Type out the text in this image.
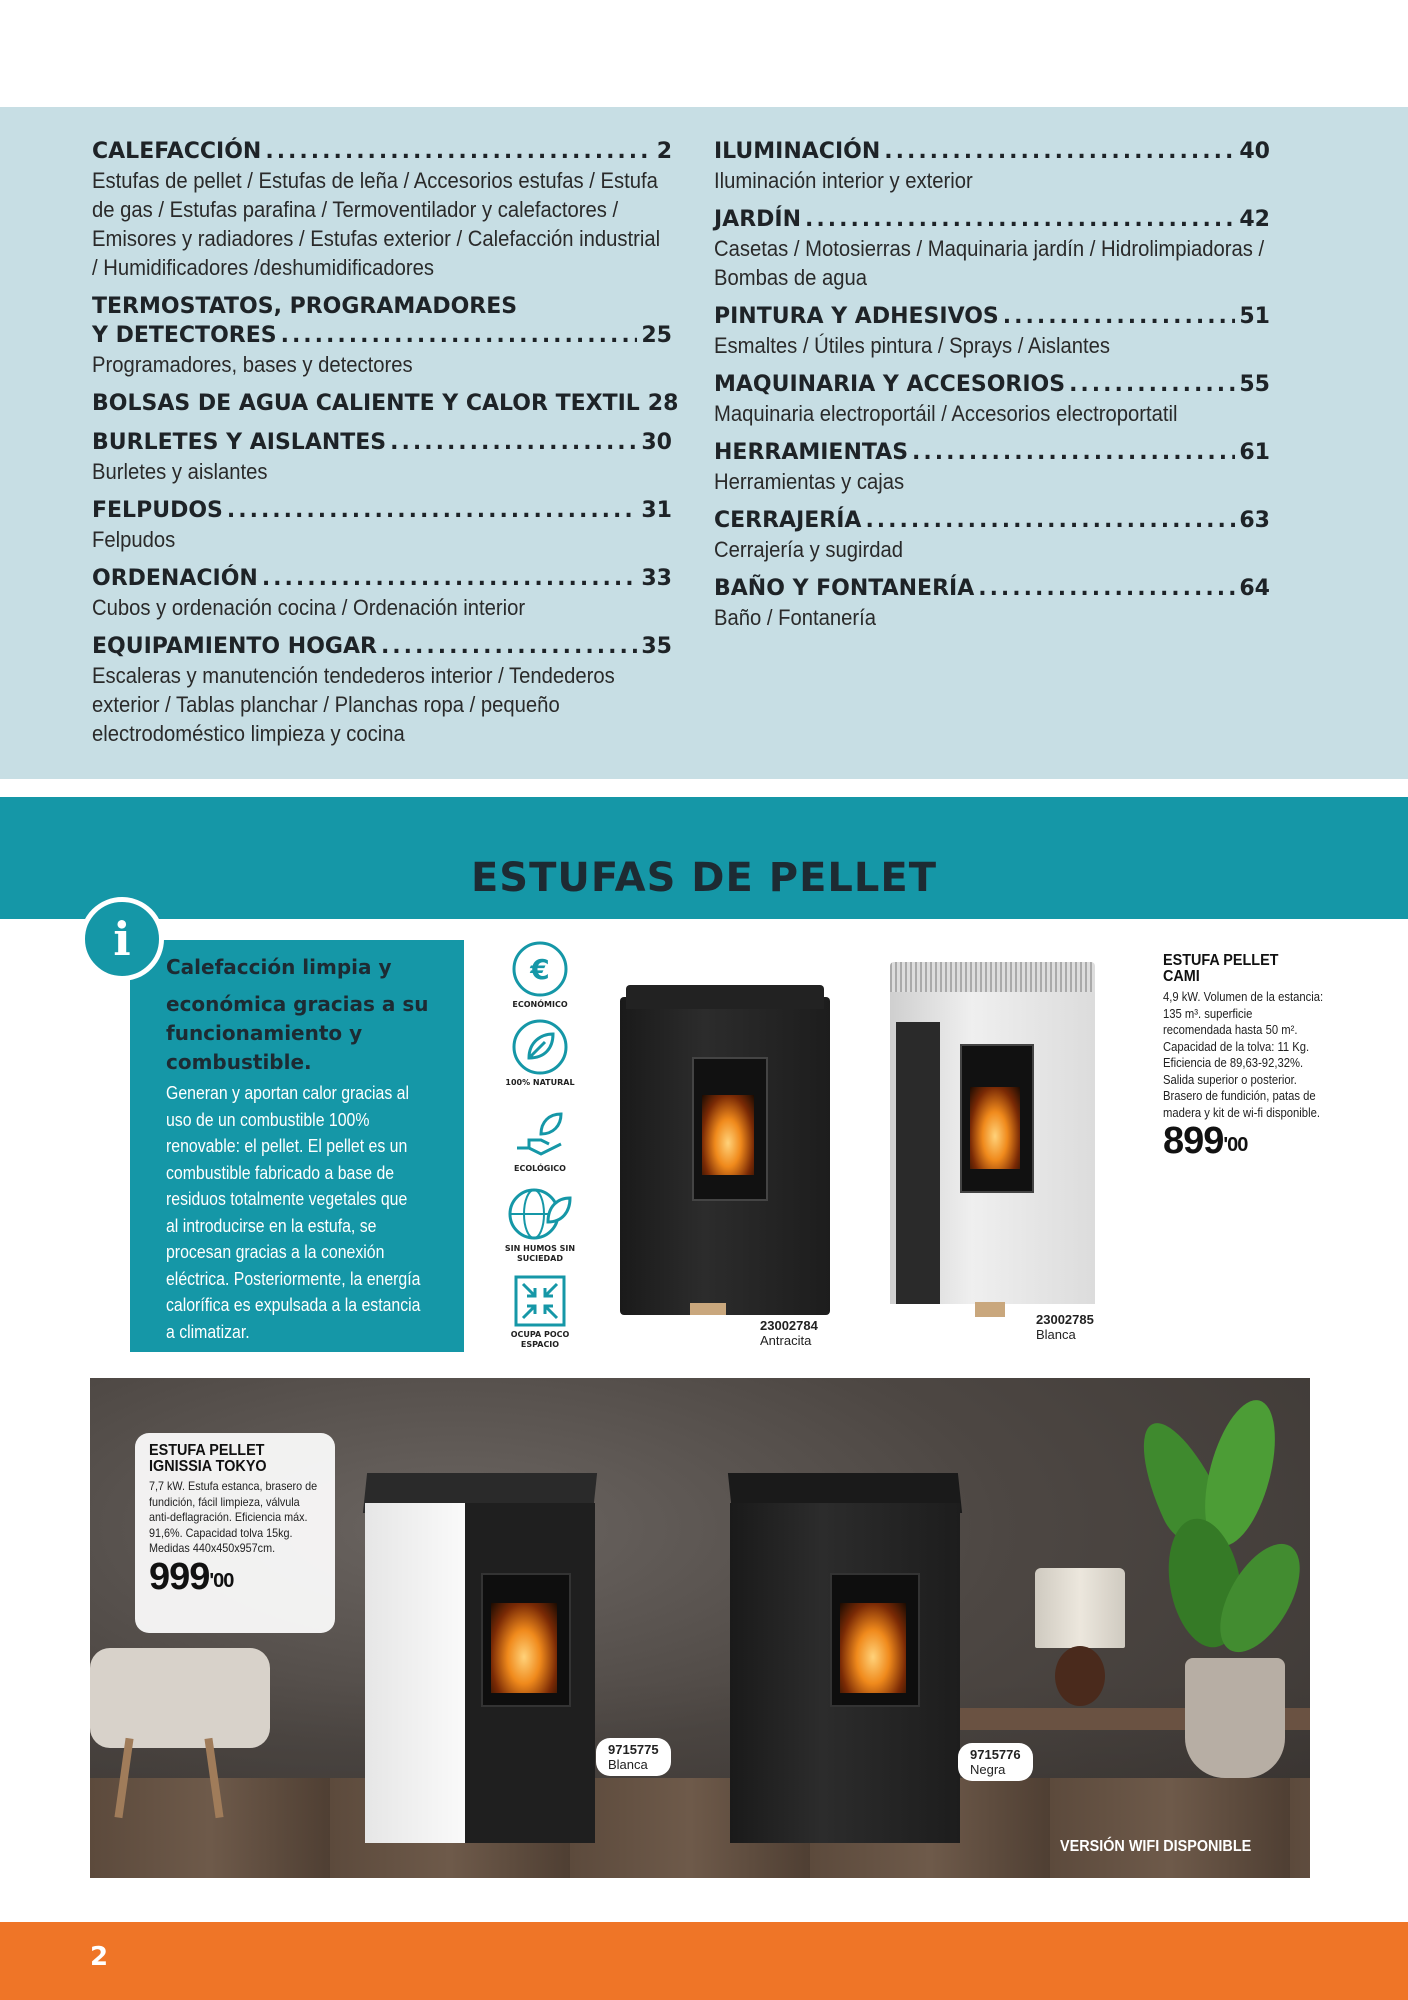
CALEFACCIÓN .....	2
Estufas de pellet / Estufas de leña / Accesorios estufas / Estufa de gas / Estufas parafina / Termoventilador y calefactores / Emisores y radiadores / Estufas exterior / Calefacción industrial / Humidificadores /deshumidificadores
TERMOSTATOS, PROGRAMADORES
Y DETECTORES .....	25
Programadores, bases y detectores
BOLSAS DE AGUA CALIENTE Y CALOR TEXTIL 28
BURLETES Y AISLANTES .....	30
Burletes y aislantes
FELPUDOS .....	31
Felpudos
ORDENACIÓN .....	33
Cubos y ordenación cocina / Ordenación interior
EQUIPAMIENTO HOGAR .....	35
Escaleras y manutención tendederos interior / Tendederos exterior / Tablas planchar / Planchas ropa / pequeño electrodoméstico limpieza y cocina
ILUMINACIÓN .....	40
Iluminación interior y exterior
JARDÍN .....	42
Casetas / Motosierras / Maquinaria jardín / Hidrolimpiadoras / Bombas de agua
PINTURA Y ADHESIVOS .....	51
Esmaltes / Útiles pintura / Sprays / Aislantes
MAQUINARIA Y ACCESORIOS .....	55
Maquinaria electroportáil / Accesorios electroportatil
HERRAMIENTAS .....	61
Herramientas y cajas
CERRAJERÍA .....	63
Cerrajería y sugirdad
BAÑO Y FONTANERÍA .....	64
Baño / Fontanería
ESTUFAS DE PELLET
i
Calefacción limpia y
económica gracias a su funcionamiento y combustible.
Generan y aportan calor gracias al uso de un combustible 100% renovable: el pellet. El pellet es un combustible fabricado a base de residuos totalmente vegetales que al introducirse en la estufa, se procesan gracias a la conexión eléctrica. Posteriormente, la energía calorífica es expulsada a la estancia a climatizar.
€
ECONÓMICO
100% NATURAL
ECOLÓGICO
SIN HUMOS SIN SUCIEDAD
OCUPA POCO ESPACIO
23002784
Antracita
23002785
Blanca
ESTUFA PELLET
CAMI
4,9 kW. Volumen de la estancia: 135 m³. superficie recomendada hasta 50 m². Capacidad de la tolva: 11 Kg. Eficiencia de 89,63-92,32%. Salida superior o posterior. Brasero de fundición, patas de madera y kit de wi-fi disponible.
$899^{'00}$
ESTUFA PELLET
IGNISSIA TOKYO
7,7 kW. Estufa estanca, brasero de fundición, fácil limpieza, válvula anti-deflagración. Eficiencia máx. 91,6%. Capacidad tolva 15kg. Medidas 440x450x957cm.
$999^{'00}$
9715775
Blanca
9715776
Negra
VERSIÓN WIFI DISPONIBLE
2
